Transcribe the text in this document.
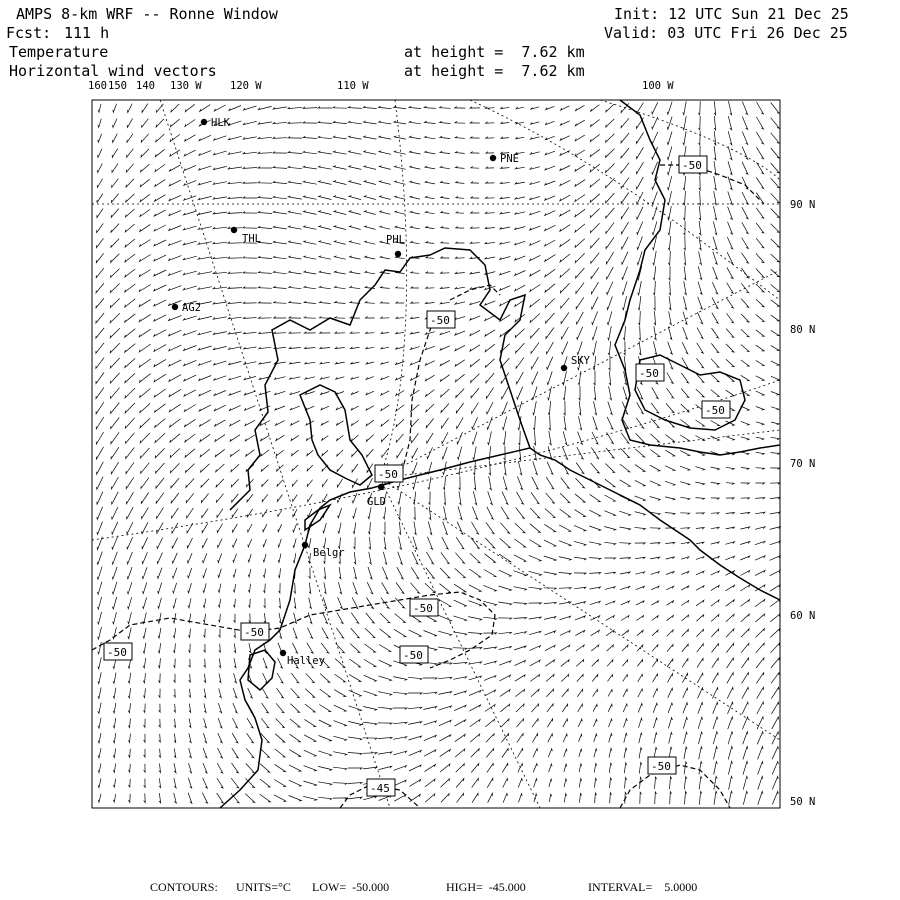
AMPS 8-km WRF -- Ronne Window
Fcst: 111 h
Init: 12 UTC Sun 21 Dec 25
Valid: 03 UTC Fri 26 Dec 25
Temperature	at height =  7.62 km
Horizontal wind vectors	at height =  7.62 km
160 150 140 130 W	120 W	110 W	100 W
90 N
80 N
70 N
60 N
50 N
HLK
PNE
THL	PHL
AG2
SKY
GLD
Belgr
Halley
-50
-50
-50
-50
-50
-50
-50
-50	-50
-50
-45
CONTOURS: UNITS=°C LOW=  -50.000	HIGH=  -45.000	INTERVAL=    5.0000
